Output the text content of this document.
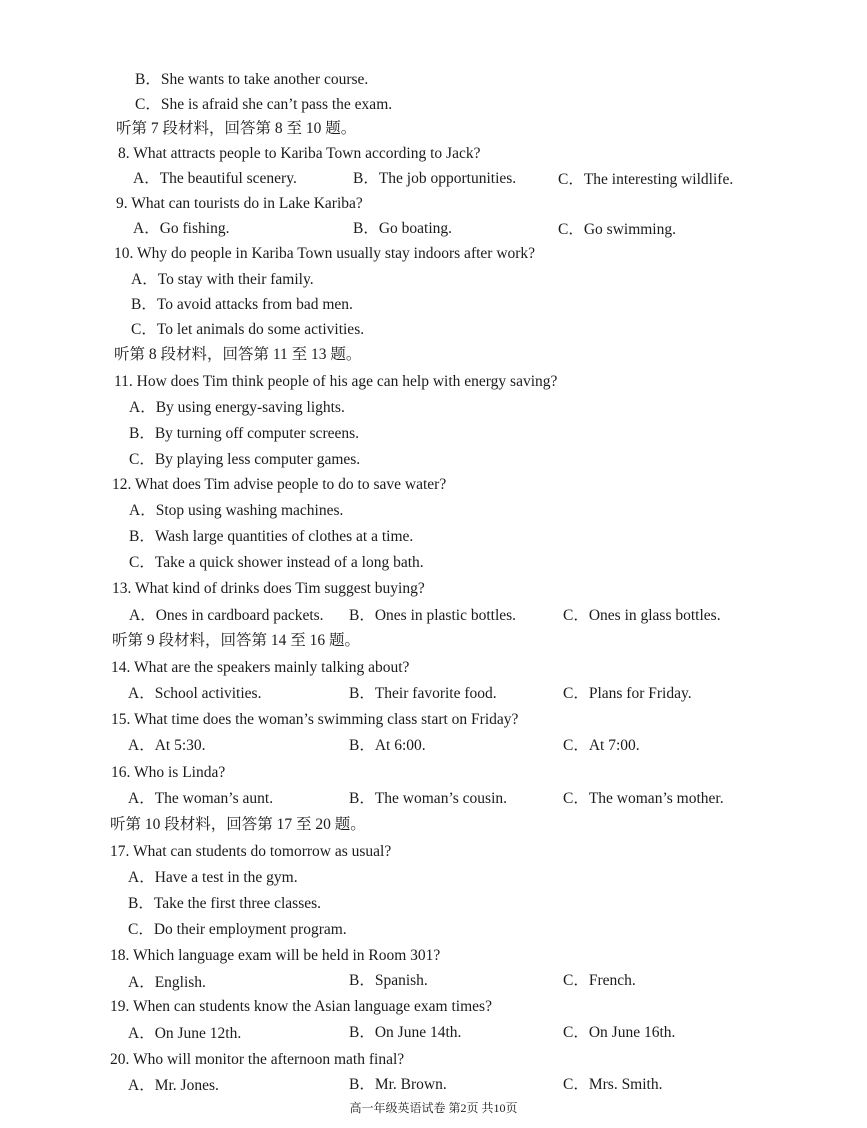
B．She wants to take another course.
C．She is afraid she can’t pass the exam.
听第 7 段材料，回答第 8 至 10 题。
8. What attracts people to Kariba Town according to Jack?
A．The beautiful scenery.	B．The job opportunities.	C．The interesting wildlife.
9. What can tourists do in Lake Kariba?
A．Go fishing.	B．Go boating.	C．Go swimming.
10. Why do people in Kariba Town usually stay indoors after work?
A．To stay with their family.
B．To avoid attacks from bad men.
C．To let animals do some activities.
听第 8 段材料，回答第 11 至 13 题。
11. How does Tim think people of his age can help with energy saving?
A．By using energy-saving lights.
B．By turning off computer screens.
C．By playing less computer games.
12. What does Tim advise people to do to save water?
A．Stop using washing machines.
B．Wash large quantities of clothes at a time.
C．Take a quick shower instead of a long bath.
13. What kind of drinks does Tim suggest buying?
A．Ones in cardboard packets. B．Ones in plastic bottles.	C．Ones in glass bottles.
听第 9 段材料，回答第 14 至 16 题。
14. What are the speakers mainly talking about?
A．School activities.	B．Their favorite food.	C．Plans for Friday.
15. What time does the woman’s swimming class start on Friday?
A．At 5:30.	B．At 6:00.	C．At 7:00.
16. Who is Linda?
A．The woman’s aunt.	B．The woman’s cousin.	C．The woman’s mother.
听第 10 段材料，回答第 17 至 20 题。
17. What can students do tomorrow as usual?
A．Have a test in the gym.
B．Take the first three classes.
C．Do their employment program.
18. Which language exam will be held in Room 301?
A．English.	B．Spanish.	C．French.
19. When can students know the Asian language exam times?
A．On June 12th.	B．On June 14th.	C．On June 16th.
20. Who will monitor the afternoon math final?
A．Mr. Jones.	B．Mr. Brown.	C．Mrs. Smith.
高一年级英语试卷 第2页 共10页
